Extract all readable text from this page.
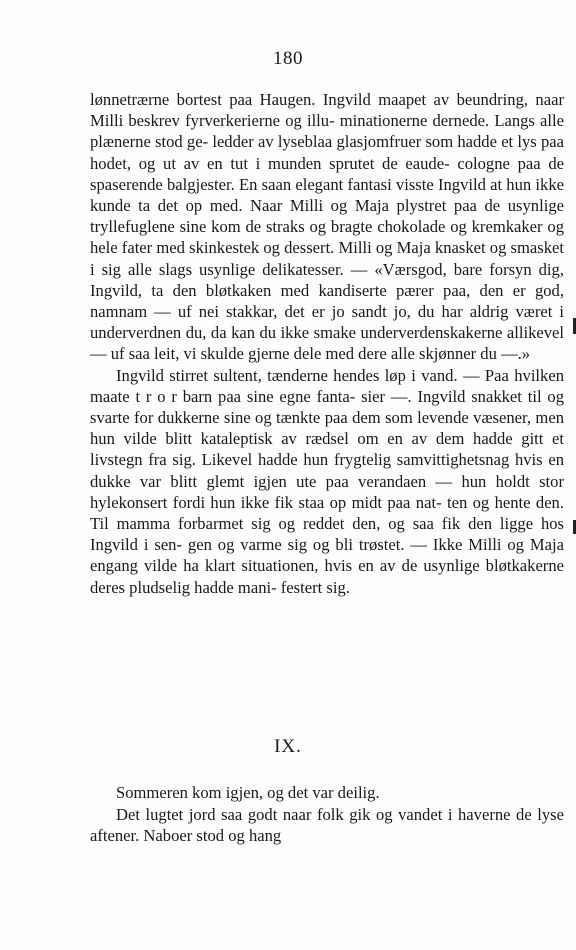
180

lønnetrærne bortest paa Haugen. Ingvild maapet av beundring, naar Milli beskrev fyrverkerierne og illu- minationerne dernede. Langs alle plænerne stod ge- ledder av lyseblaa glasjomfruer som hadde et lys paa hodet, og ut av en tut i munden sprutet de eaude- cologne paa de spaserende balgjester. En saan elegant fantasi visste Ingvild at hun ikke kunde ta det op med. Naar Milli og Maja plystret paa de usynlige tryllefuglene sine kom de straks og bragte chokolade og kremkaker og hele fater med skinkestek og dessert. Milli og Maja knasket og smasket i sig alle slags usynlige delikatesser. — «Værsgod, bare forsyn dig, Ingvild, ta den bløtkaken med kandiserte pærer paa, den er god, namnam — uf nei stakkar, det er jo sandt jo, du har aldrig været i underverdnen du, da kan du ikke smake underverdenskakerne allikevel — uf saa leit, vi skulde gjerne dele med dere alle skjønner du —.»

Ingvild stirret sultent, tænderne hendes løp i vand. — Paa hvilken maate t r o r barn paa sine egne fanta- sier —. Ingvild snakket til og svarte for dukkerne sine og tænkte paa dem som levende væsener, men hun vilde blitt kataleptisk av rædsel om en av dem hadde gitt et livstegn fra sig. Likevel hadde hun frygtelig samvittighetsnag hvis en dukke var blitt glemt igjen ute paa verandaen — hun holdt stor hylekonsert fordi hun ikke fik staa op midt paa nat- ten og hente den. Til mamma forbarmet sig og reddet den, og saa fik den ligge hos Ingvild i sen- gen og varme sig og bli trøstet. — Ikke Milli og Maja engang vilde ha klart situationen, hvis en av de usynlige bløtkakerne deres pludselig hadde mani- festert sig.

IX.

Sommeren kom igjen, og det var deilig.

Det lugtet jord saa godt naar folk gik og vandet i haverne de lyse aftener. Naboer stod og hang
